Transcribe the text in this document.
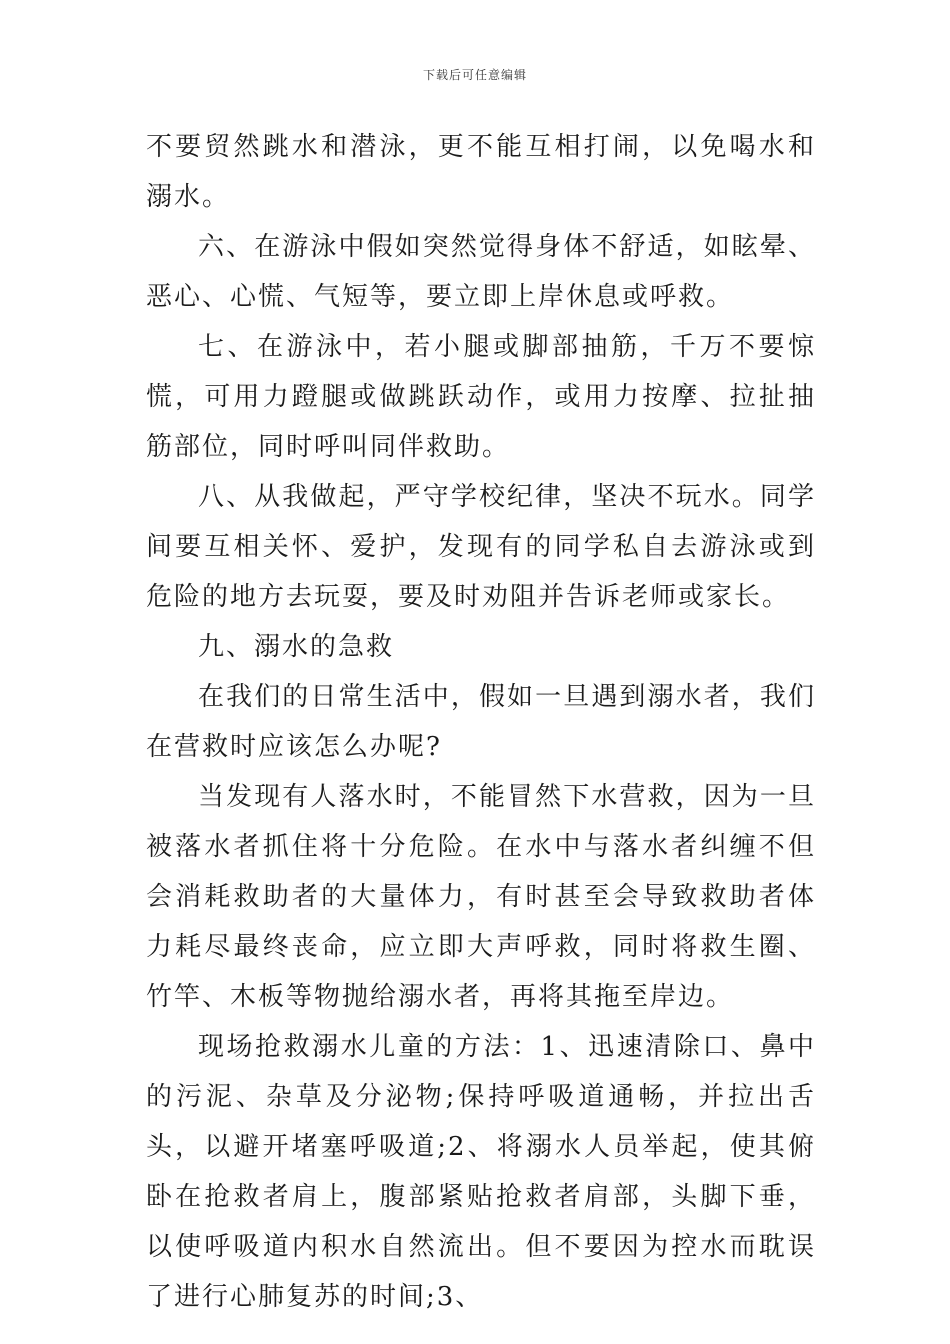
下载后可任意编辑

不要贸然跳水和潜泳，更不能互相打闹，以免喝水和溺水。

六、在游泳中假如突然觉得身体不舒适，如眩晕、恶心、心慌、气短等，要立即上岸休息或呼救。

七、在游泳中，若小腿或脚部抽筋，千万不要惊慌，可用力蹬腿或做跳跃动作，或用力按摩、拉扯抽筋部位，同时呼叫同伴救助。

八、从我做起，严守学校纪律，坚决不玩水。同学间要互相关怀、爱护，发现有的同学私自去游泳或到危险的地方去玩耍，要及时劝阻并告诉老师或家长。

九、溺水的急救

在我们的日常生活中，假如一旦遇到溺水者，我们在营救时应该怎么办呢?

当发现有人落水时，不能冒然下水营救，因为一旦被落水者抓住将十分危险。在水中与落水者纠缠不但会消耗救助者的大量体力，有时甚至会导致救助者体力耗尽最终丧命，应立即大声呼救，同时将救生圈、竹竿、木板等物抛给溺水者，再将其拖至岸边。

现场抢救溺水儿童的方法：1、迅速清除口、鼻中的污泥、杂草及分泌物;保持呼吸道通畅，并拉出舌头，以避开堵塞呼吸道;2、将溺水人员举起，使其俯卧在抢救者肩上，腹部紧贴抢救者肩部，头脚下垂，以使呼吸道内积水自然流出。但不要因为控水而耽误了进行心肺复苏的时间;3、
